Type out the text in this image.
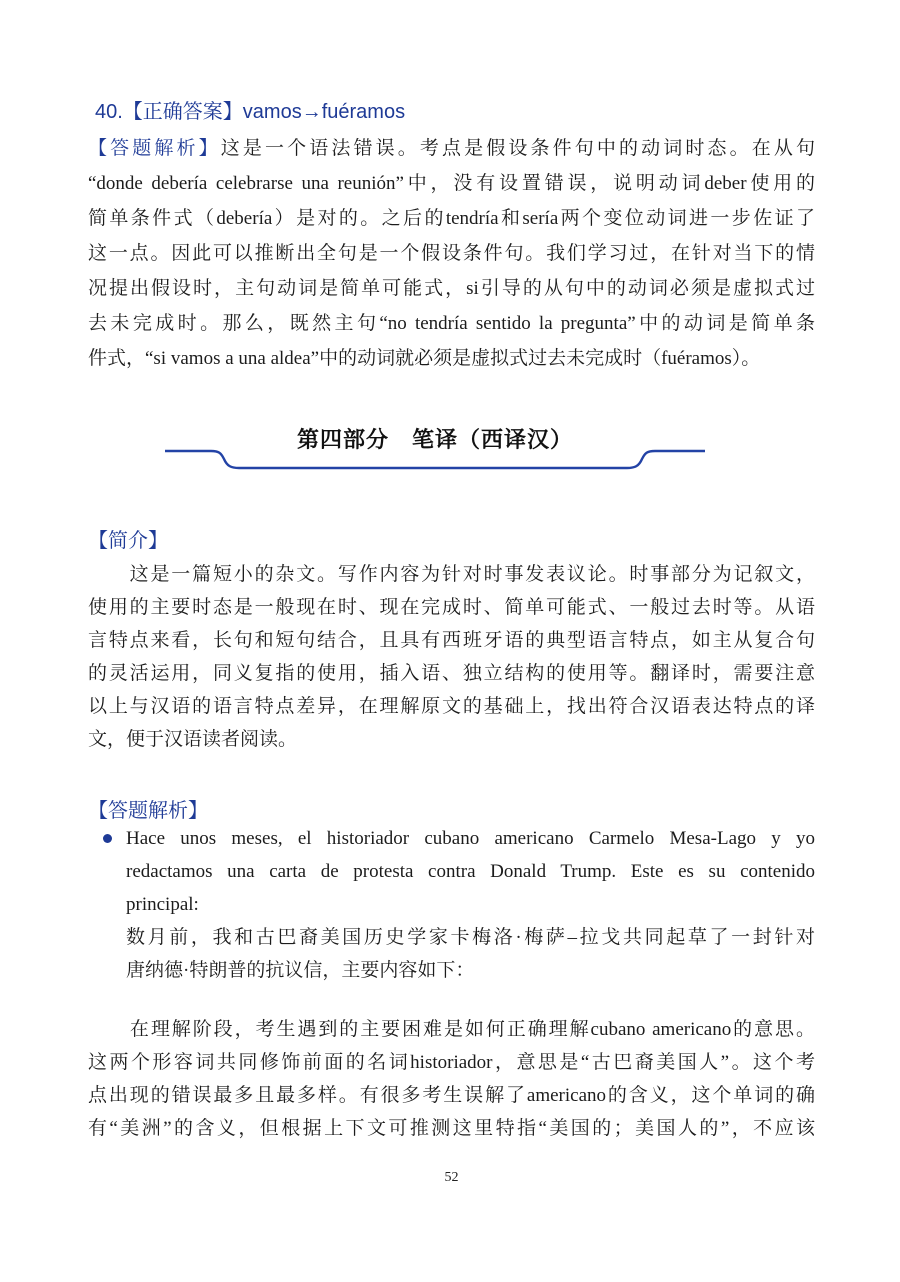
40.【正确答案】vamos→fuéramos
【答题解析】这是一个语法错误。考点是假设条件句中的动词时态。在从句
“donde debería celebrarse una reunión”中，没有设置错误，说明动词deber使用的
简单条件式（debería）是对的。之后的tendría和sería两个变位动词进一步佐证了
这一点。因此可以推断出全句是一个假设条件句。我们学习过，在针对当下的情
况提出假设时，主句动词是简单可能式，si引导的从句中的动词必须是虚拟式过
去未完成时。那么，既然主句“no tendría sentido la pregunta”中的动词是简单条
件式，“si vamos a una aldea”中的动词就必须是虚拟式过去未完成时（fuéramos）。
第四部分　笔译（西译汉）
【简介】
　　这是一篇短小的杂文。写作内容为针对时事发表议论。时事部分为记叙文，
使用的主要时态是一般现在时、现在完成时、简单可能式、一般过去时等。从语
言特点来看，长句和短句结合，且具有西班牙语的典型语言特点，如主从复合句
的灵活运用，同义复指的使用，插入语、独立结构的使用等。翻译时，需要注意
以上与汉语的语言特点差异，在理解原文的基础上，找出符合汉语表达特点的译
文，便于汉语读者阅读。
【答题解析】
Hace unos meses, el historiador cubano americano Carmelo Mesa-Lago y yo
redactamos una carta de protesta contra Donald Trump. Este es su contenido
principal:
数月前，我和古巴裔美国历史学家卡梅洛·梅萨–拉戈共同起草了一封针对
唐纳德·特朗普的抗议信，主要内容如下：
　　在理解阶段，考生遇到的主要困难是如何正确理解cubano americano的意思。
这两个形容词共同修饰前面的名词historiador，意思是“古巴裔美国人”。这个考
点出现的错误最多且最多样。有很多考生误解了americano的含义，这个单词的确
有“美洲”的含义，但根据上下文可推测这里特指“美国的；美国人的”，不应该
52
